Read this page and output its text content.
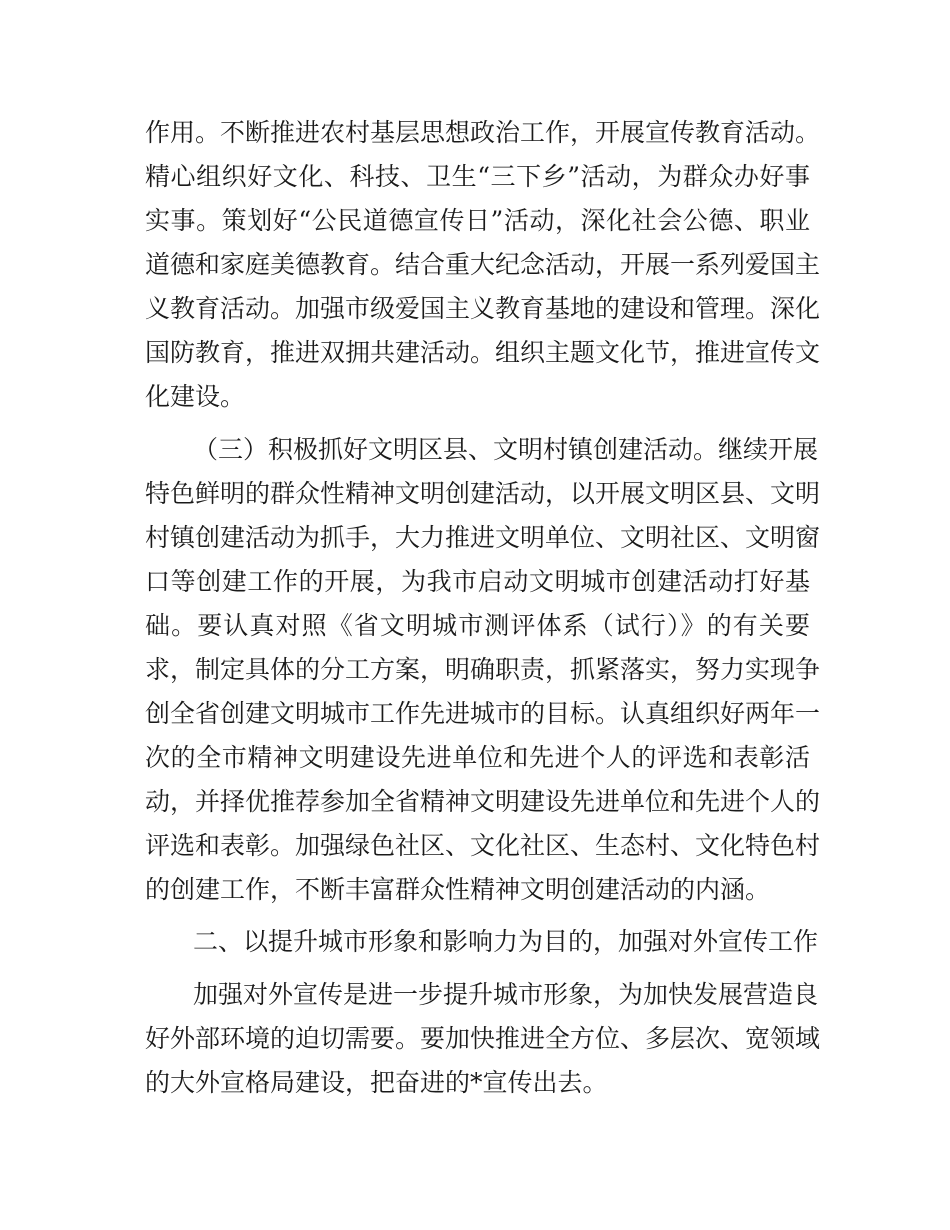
作用。不断推进农村基层思想政治工作，开展宣传教育活动。
精心组织好文化、科技、卫生“三下乡”活动，为群众办好事
实事。策划好“公民道德宣传日”活动，深化社会公德、职业
道德和家庭美德教育。结合重大纪念活动，开展一系列爱国主
义教育活动。加强市级爱国主义教育基地的建设和管理。深化
国防教育，推进双拥共建活动。组织主题文化节，推进宣传文
化建设。
（三）积极抓好文明区县、文明村镇创建活动。继续开展
特色鲜明的群众性精神文明创建活动，以开展文明区县、文明
村镇创建活动为抓手，大力推进文明单位、文明社区、文明窗
口等创建工作的开展，为我市启动文明城市创建活动打好基
础。要认真对照《省文明城市测评体系（试行）》的有关要
求，制定具体的分工方案，明确职责，抓紧落实，努力实现争
创全省创建文明城市工作先进城市的目标。认真组织好两年一
次的全市精神文明建设先进单位和先进个人的评选和表彰活
动，并择优推荐参加全省精神文明建设先进单位和先进个人的
评选和表彰。加强绿色社区、文化社区、生态村、文化特色村
的创建工作，不断丰富群众性精神文明创建活动的内涵。
二、以提升城市形象和影响力为目的，加强对外宣传工作
加强对外宣传是进一步提升城市形象，为加快发展营造良
好外部环境的迫切需要。要加快推进全方位、多层次、宽领域
的大外宣格局建设，把奋进的*宣传出去。
